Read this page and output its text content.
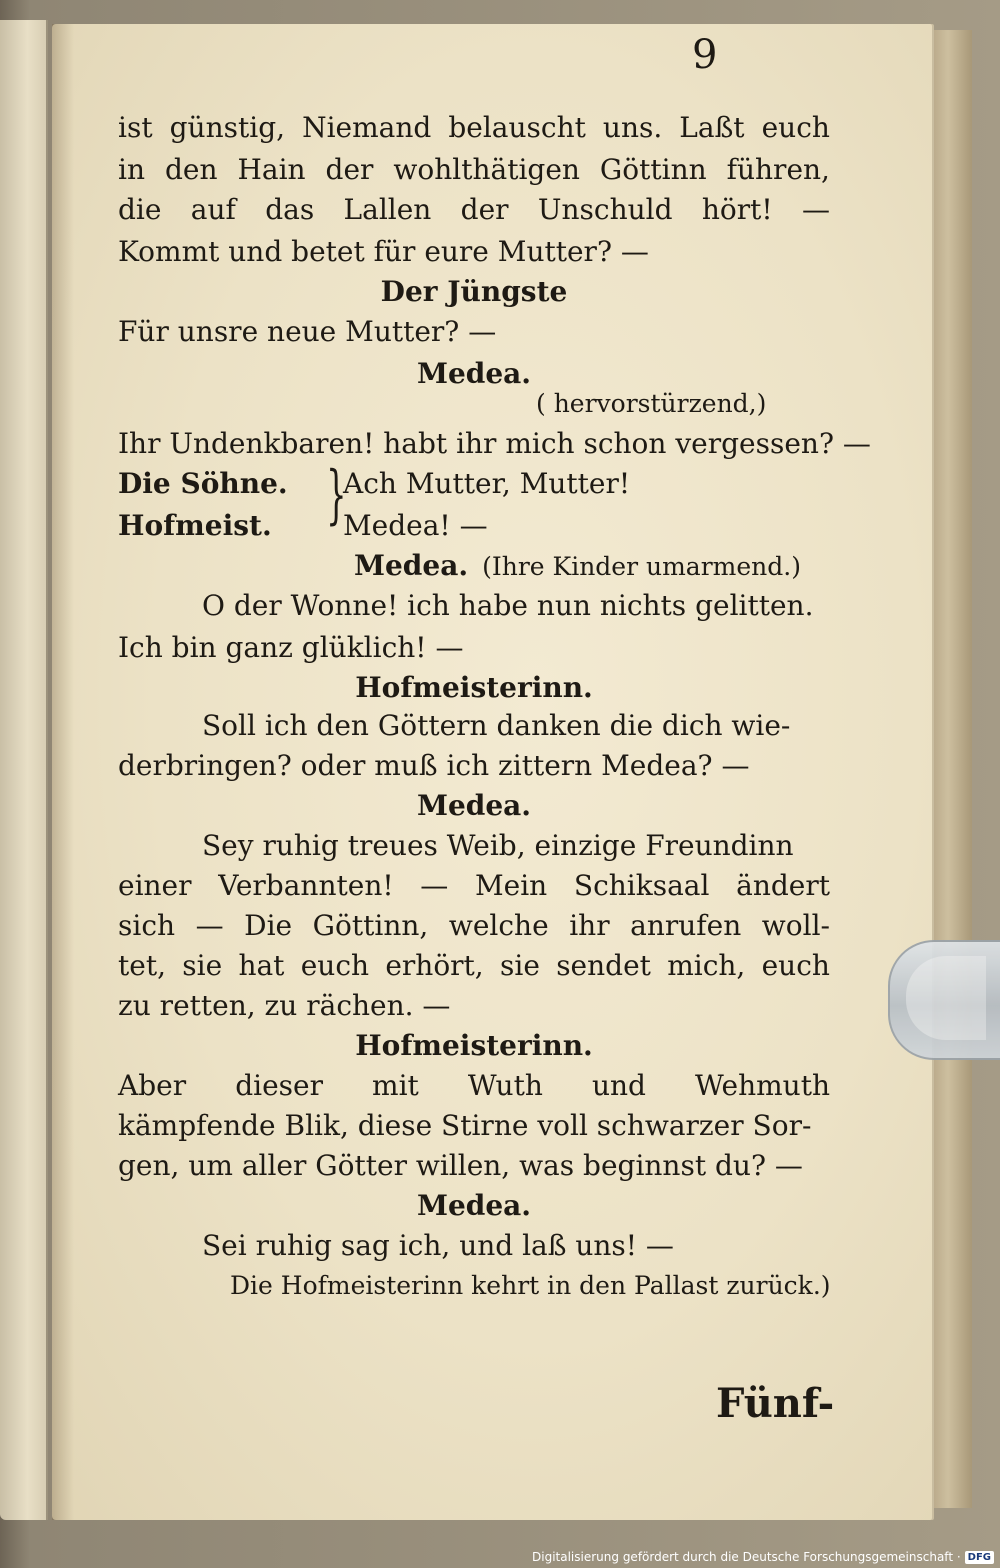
9
ist günstig, Niemand belauscht uns. Laßt euch
in den Hain der wohlthätigen Göttinn führen,
die auf das Lallen der Unschuld hört! —
Kommt und betet für eure Mutter? —
Der Jüngste
Für unsre neue Mutter? —
Medea.
( hervorstürzend,)
Ihr Undenkbaren! habt ihr mich schon vergessen? —
Die Söhne. Ach Mutter, Mutter!
Hofmeist.	Medea! —
Medea. (Ihre Kinder umarmend.)
O der Wonne! ich habe nun nichts gelitten.
Ich bin ganz glüklich! —
Hofmeisterinn.
Soll ich den Göttern danken die dich wie-
derbringen? oder muß ich zittern Medea? —
Medea.
Sey ruhig treues Weib, einzige Freundinn
einer Verbannten! — Mein Schiksaal ändert
sich — Die Göttinn, welche ihr anrufen woll-
tet, sie hat euch erhört, sie sendet mich, euch
zu retten, zu rächen. —
Hofmeisterinn.
Aber dieser mit Wuth und Wehmuth
kämpfende Blik, diese Stirne voll schwarzer Sor-
gen, um aller Götter willen, was beginnst du? —
Medea.
Sei ruhig sag ich, und laß uns! —
Die Hofmeisterinn kehrt in den Pallast zurück.)
}
Fünf-
Digitalisierung gefördert durch die Deutsche Forschungsgemeinschaft · DFG
